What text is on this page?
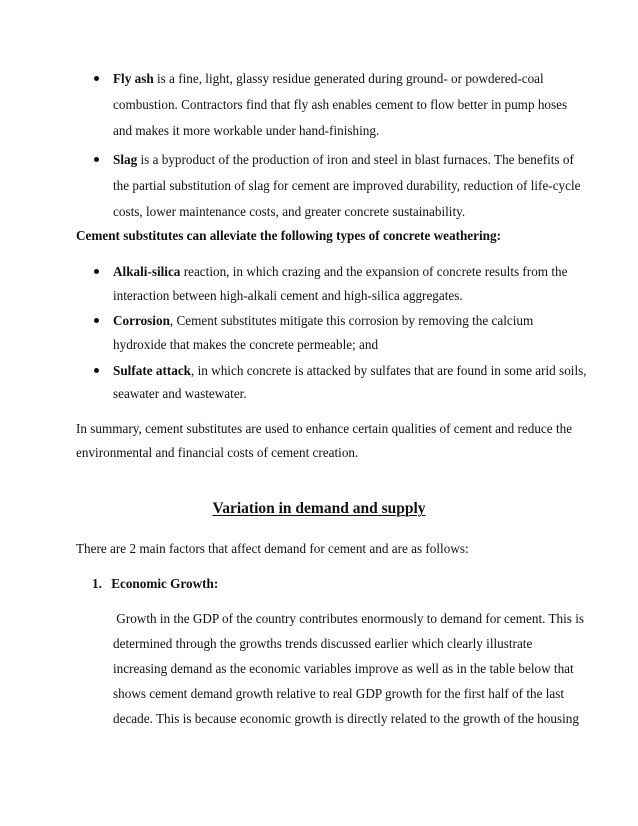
Fly ash is a fine, light, glassy residue generated during ground- or powdered-coal
combustion. Contractors find that fly ash enables cement to flow better in pump hoses
and makes it more workable under hand-finishing.
Slag is a byproduct of the production of iron and steel in blast furnaces. The benefits of
the partial substitution of slag for cement are improved durability, reduction of life-cycle
costs, lower maintenance costs, and greater concrete sustainability.
Cement substitutes can alleviate the following types of concrete weathering:
Alkali-silica reaction, in which crazing and the expansion of concrete results from the
interaction between high-alkali cement and high-silica aggregates.
Corrosion, Cement substitutes mitigate this corrosion by removing the calcium
hydroxide that makes the concrete permeable; and
Sulfate attack, in which concrete is attacked by sulfates that are found in some arid soils,
seawater and wastewater.
In summary, cement substitutes are used to enhance certain qualities of cement and reduce the
environmental and financial costs of cement creation.
Variation in demand and supply
There are 2 main factors that affect demand for cement and are as follows:
1. Economic Growth:
Growth in the GDP of the country contributes enormously to demand for cement. This is
determined through the growths trends discussed earlier which clearly illustrate
increasing demand as the economic variables improve as well as in the table below that
shows cement demand growth relative to real GDP growth for the first half of the last
decade. This is because economic growth is directly related to the growth of the housing
